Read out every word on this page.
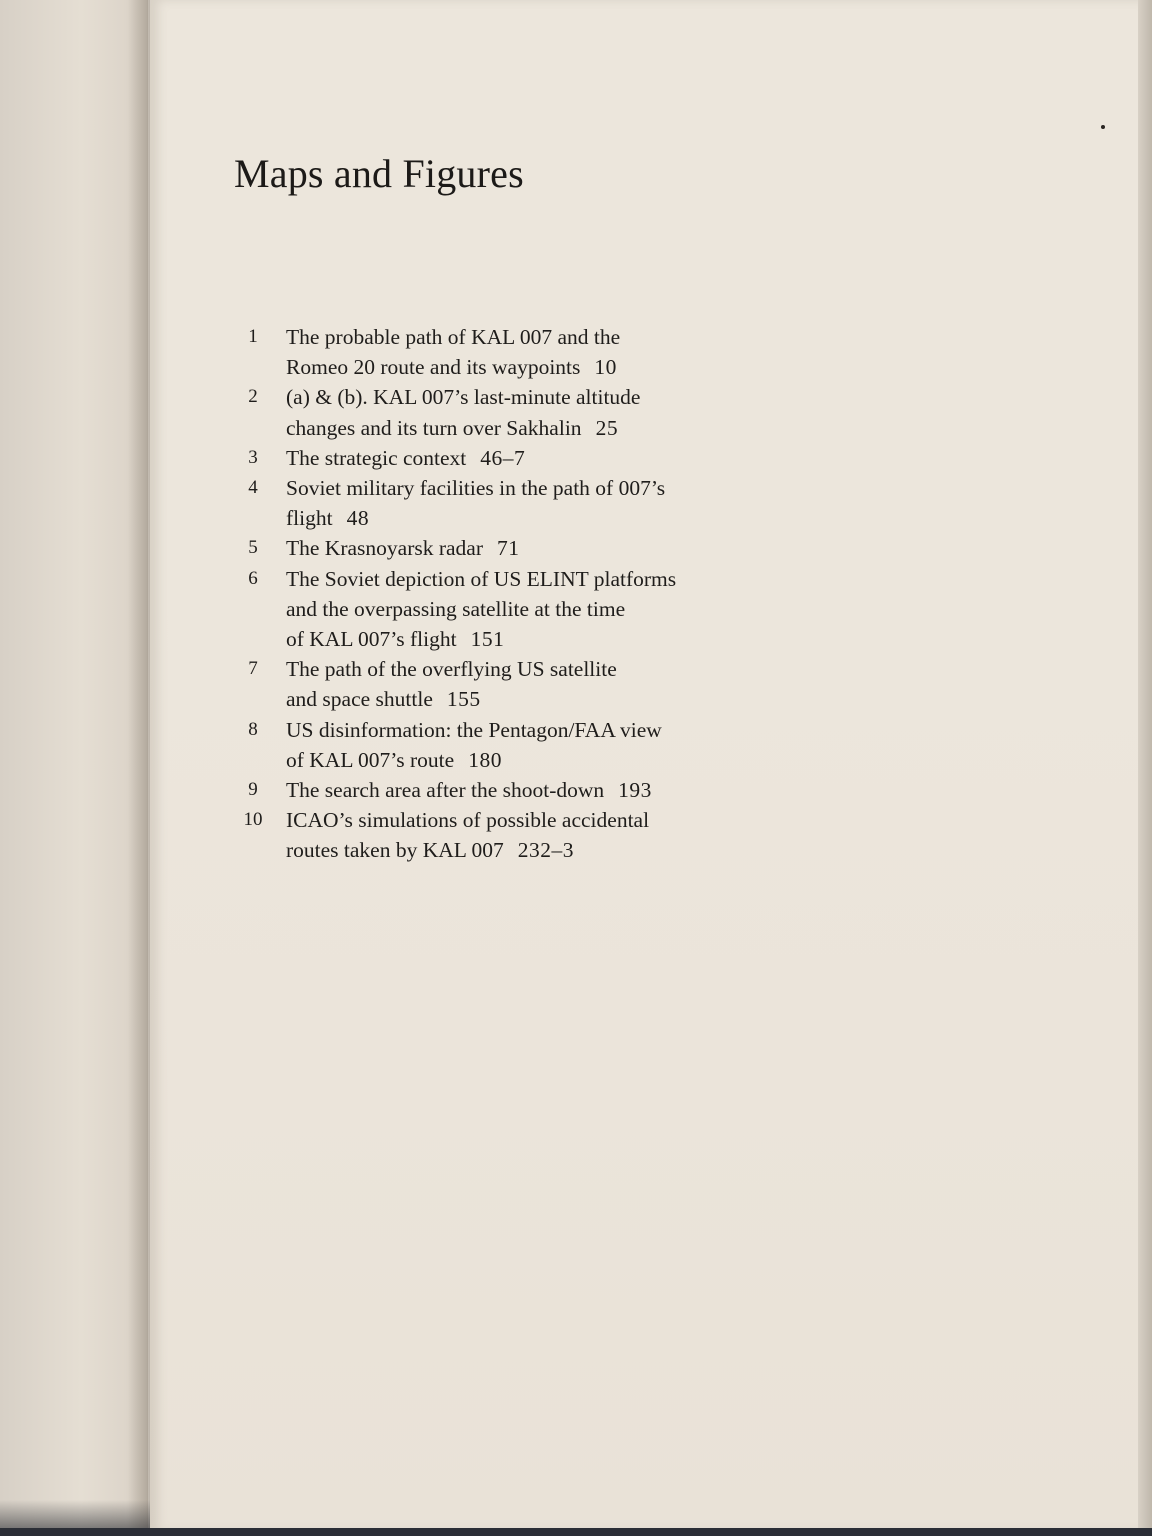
Maps and Figures
1	The probable path of KAL 007 and the
Romeo 20 route and its waypoints 10
2	(a) & (b). KAL 007’s last-minute altitude
changes and its turn over Sakhalin 25
3	The strategic context 46–7
4	Soviet military facilities in the path of 007’s
flight 48
5	The Krasnoyarsk radar 71
6	The Soviet depiction of US ELINT platforms
and the overpassing satellite at the time
of KAL 007’s flight 151
7	The path of the overflying US satellite
and space shuttle 155
8	US disinformation: the Pentagon/FAA view
of KAL 007’s route 180
9	The search area after the shoot-down 193
10 ICAO’s simulations of possible accidental
routes taken by KAL 007 232–3
